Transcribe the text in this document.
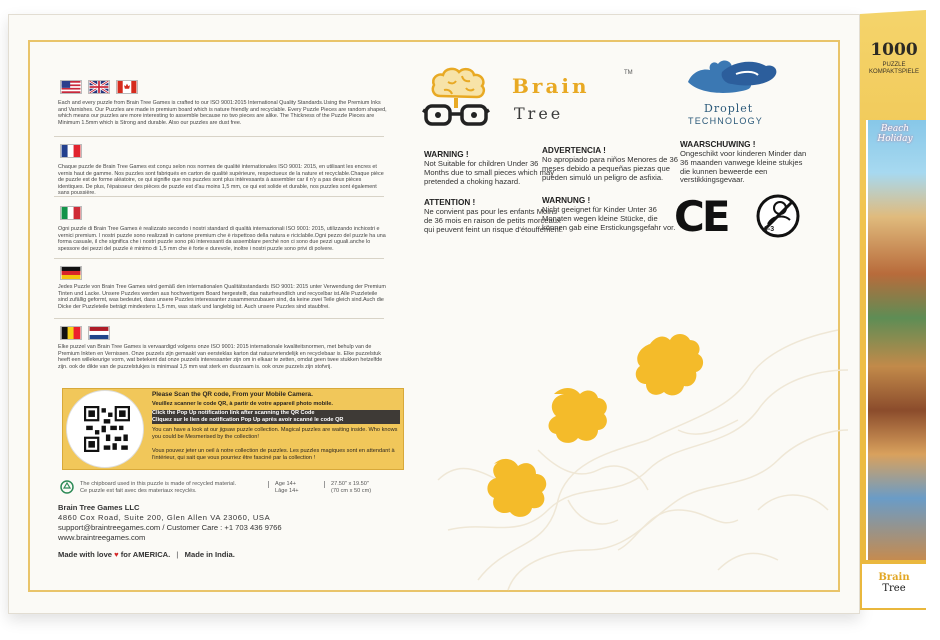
1000
PUZZLE
KOMPAKTSPIELE
Beach Holiday
Brain
Tree
Each and every puzzle from Brain Tree Games is crafted to our ISO 9001:2015 International Quality Standards.Using the Premium Inks and Varnishes. Our Puzzles are made in premium board which is nature friendly and recyclable. Every Puzzle Pieces are random shaped, which means our puzzles are more interesting to assemble because no two pieces are alike. The Thickness of the Puzzle Pieces are Minimum 1.5mm which is Strong and durable. Also our puzzles are dust free.
Chaque puzzle de Brain Tree Games est conçu selon nos normes de qualité internationales ISO 9001: 2015, en utilisant les encres et vernis haut de gamme. Nos puzzles sont fabriqués en carton de qualité supérieure, respectueux de la nature et recyclable.Chaque pièce de puzzle est de forme aléatoire, ce qui signifie que nos puzzles sont plus intéressants à assembler car il n'y a pas deux pièces identiques. De plus, l'épaisseur des pièces de puzzle est d'au moins 1,5 mm, ce qui est solide et durable, nos puzzles sont également sans poussière.
Ogni puzzle di Brain Tree Games è realizzato secondo i nostri standard di qualità internazionali ISO 9001: 2015, utilizzando inchiostri e vernici premium. I nostri puzzle sono realizzati in cartone premium che è rispettoso della natura e riciclabile.Ogni pezzo del puzzle ha una forma casuale, il che significa che i nostri puzzle sono più interessanti da assemblare perché non ci sono due pezzi uguali.anche lo spessore dei pezzi del puzzle è minimo di 1,5 mm che è forte e durevole, inoltre i nostri puzzle sono privi di polvere.
Jedes Puzzle von Brain Tree Games wird gemäß den internationalen Qualitätsstandards ISO 9001: 2015 unter Verwendung der Premium Tinten und Lacke. Unsere Puzzles werden aus hochwertigem Board hergestellt, das naturfreundlich und recycelbar ist.Alle Puzzleteile sind zufällig geformt, was bedeutet, dass unsere Puzzles interessanter zusammenzubauen sind, da keine zwei Teile gleich sind.Auch die Dicke der Puzzleteile beträgt mindestens 1,5 mm, was stark und langlebig ist. Auch unsere Puzzles sind staubfrei.
Elke puzzel van Brain Tree Games is vervaardigd volgens onze ISO 9001: 2015 internationale kwaliteitsnormen, met behulp van de Premium Inkten en Vernissen. Onze puzzels zijn gemaakt van eersteklas karton dat natuurvriendelijk en recyclebaar is. Elke puzzelstuk heeft een willekeurige vorm, wat betekent dat onze puzzels interessanter zijn om in elkaar te zetten, omdat geen twee stukken hetzelfde zijn. ook de dikte van de puzzelstukjes is minimaal 1,5 mm wat sterk en duurzaam is. ook onze puzzels zijn stofvrij.
Please Scan the QR code, From your Mobile Camera.
Veuillez scanner le code QR, à partir de votre appareil photo mobile.
Click the Pop Up notification link after scanning the QR Code
Cliquez sur le lien de notification Pop Up après avoir scanné le code QR
You can have a look at our jigsaw puzzle collection. Magical puzzles are waiting inside. Who knows you could be Mesmerised by the collection!
Vous pouvez jeter un oeil à notre collection de puzzles. Les puzzles magiques sont en attendant à l'intérieur, qui sait que vous pourriez être fasciné par la collection !
The chipboard used in this puzzle is made of recycled material.
Ce puzzle est fait avec des materiaux recyclés.
Age 14+
Lâge 14+
27.50" x 19.50"
(70 cm x 50 cm)
Brain Tree Games LLC
4860 Cox Road, Suite 200, Glen Allen VA 23060, USA
support@braintreegames.com / Customer Care : +1 703 436 9766
www.braintreegames.com
Made with love ♥ for AMERICA. | Made in India.
Brain
Tree
TM
Droplet
TECHNOLOGY
WARNING !
Not Suitable for children Under 36 Months due to small pieces which may pretended a choking hazard.
ATTENTION !
Ne convient pas pour les enfants Moins de 36 mois en raison de petits morceaux qui peuvent feint un risque d'étouffement.
ADVERTENCIA !
No apropiado para niños Menores de 36 meses debido a pequeñas piezas que pueden simuló un peligro de asfixia.
WARNUNG !
Nicht geeignet für Kinder Unter 36 Monaten wegen kleine Stücke, die können gab eine Erstickungsgefahr vor.
WAARSCHUWING !
Ongeschikt voor kinderen Minder dan 36 maanden vanwege kleine stukjes die kunnen beweerde een verstikkingsgevaar.
CE	0-3
